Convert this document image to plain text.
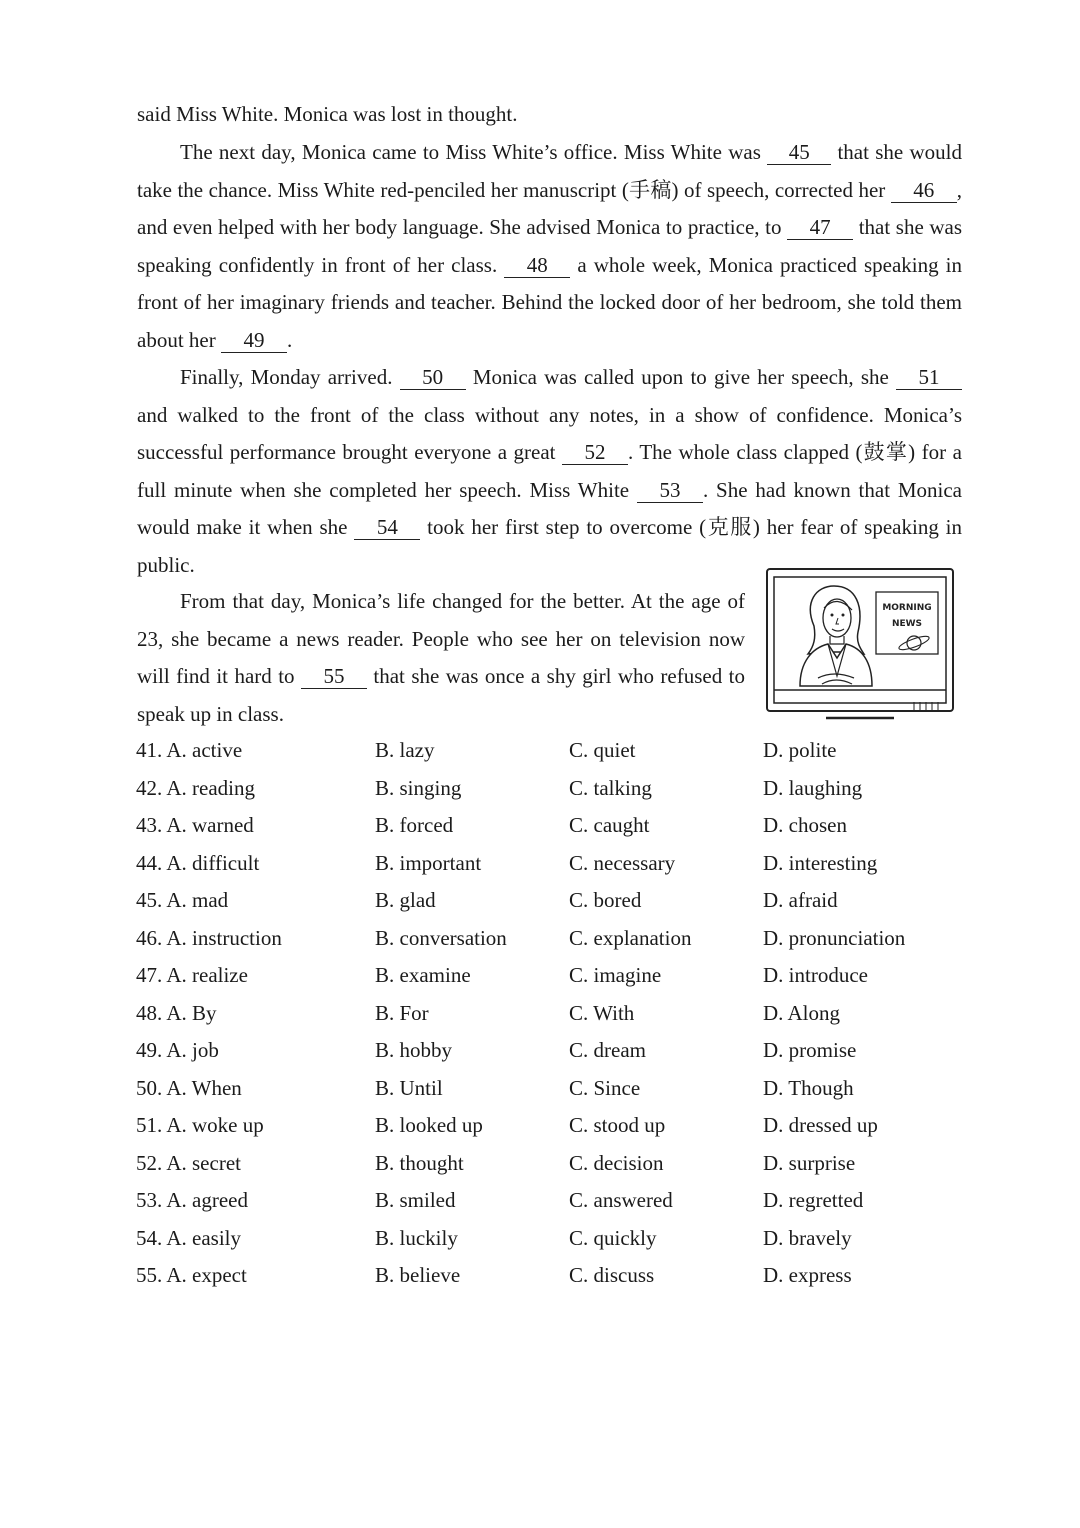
said Miss White. Monica was lost in thought.

The next day, Monica came to Miss White’s office. Miss White was 45 that she would take the chance. Miss White red-penciled her manuscript (手稿) of speech, corrected her 46 , and even helped with her body language. She advised Monica to practice, to 47 that she was speaking confidently in front of her class. 48 a whole week, Monica practiced speaking in front of her imaginary friends and teacher. Behind the locked door of her bedroom, she told them about her 49 .

Finally, Monday arrived. 50 Monica was called upon to give her speech, she 51 and walked to the front of the class without any notes, in a show of confidence. Monica’s successful performance brought everyone a great 52 . The whole class clapped (鼓掌) for a full minute when she completed her speech. Miss White 53 . She had known that Monica would make it when she 54 took her first step to overcome (克服) her fear of speaking in public.

From that day, Monica’s life changed for the better. At the age of 23, she became a news reader. People who see her on television now will find it hard to 55 that she was once a shy girl who refused to speak up in class.

MORNING
NEWS
41. A. active	B. lazy	C. quiet	D. polite
42. A. reading	B. singing	C. talking	D. laughing
43. A. warned	B. forced	C. caught	D. chosen
44. A. difficult	B. important	C. necessary	D. interesting
45. A. mad	B. glad	C. bored	D. afraid
46. A. instruction	B. conversation	C. explanation	D. pronunciation
47. A. realize	B. examine	C. imagine	D. introduce
48. A. By	B. For	C. With	D. Along
49. A. job	B. hobby	C. dream	D. promise
50. A. When	B. Until	C. Since	D. Though
51. A. woke up	B. looked up	C. stood up	D. dressed up
52. A. secret	B. thought	C. decision	D. surprise
53. A. agreed	B. smiled	C. answered	D. regretted
54. A. easily	B. luckily	C. quickly	D. bravely
55. A. expect	B. believe	C. discuss	D. express
